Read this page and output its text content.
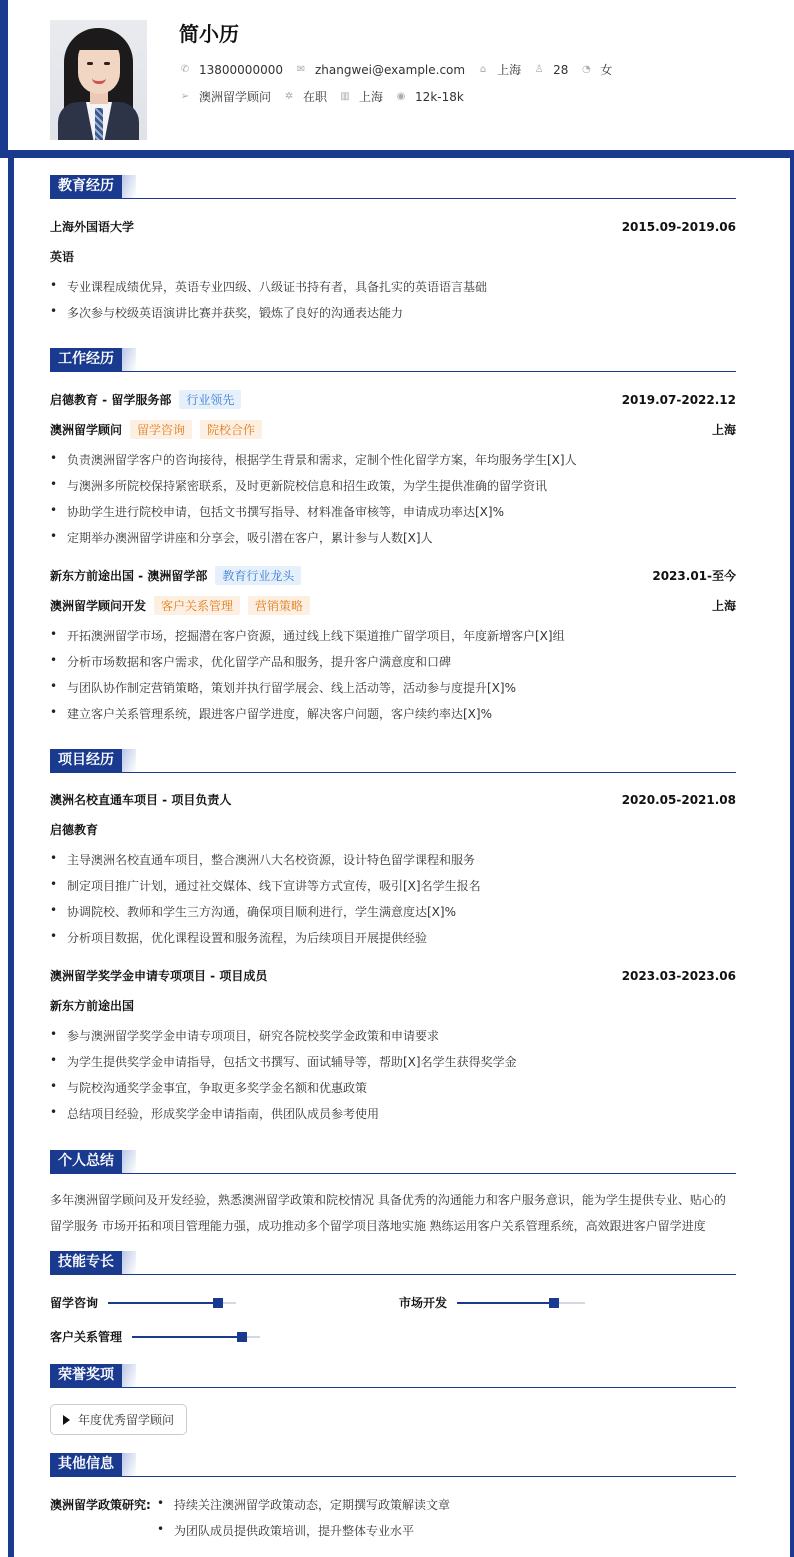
简小历
✆ 13800000000 ✉ zhangwei@example.com ⌂ 上海 ♙ 28 ◔ 女
➢ 澳洲留学顾问 ✲ 在职 ▥ 上海 ◉ 12k-18k
教育经历
上海外国语大学	2015.09-2019.06
英语
• 专业课程成绩优异，英语专业四级、八级证书持有者，具备扎实的英语语言基础
• 多次参与校级英语演讲比赛并获奖，锻炼了良好的沟通表达能力
工作经历
启德教育 - 留学服务部	行业领先	2019.07-2022.12
澳洲留学顾问	留学咨询	院校合作	上海
• 负责澳洲留学客户的咨询接待，根据学生背景和需求，定制个性化留学方案，年均服务学生[X]人
• 与澳洲多所院校保持紧密联系，及时更新院校信息和招生政策，为学生提供准确的留学资讯
• 协助学生进行院校申请，包括文书撰写指导、材料准备审核等，申请成功率达[X]%
• 定期举办澳洲留学讲座和分享会，吸引潜在客户，累计参与人数[X]人
新东方前途出国 - 澳洲留学部	教育行业龙头	2023.01-至今
澳洲留学顾问开发	客户关系管理	营销策略	上海
• 开拓澳洲留学市场，挖掘潜在客户资源，通过线上线下渠道推广留学项目，年度新增客户[X]组
• 分析市场数据和客户需求，优化留学产品和服务，提升客户满意度和口碑
• 与团队协作制定营销策略，策划并执行留学展会、线上活动等，活动参与度提升[X]%
• 建立客户关系管理系统，跟进客户留学进度，解决客户问题，客户续约率达[X]%
项目经历
澳洲名校直通车项目 - 项目负责人	2020.05-2021.08
启德教育
• 主导澳洲名校直通车项目，整合澳洲八大名校资源，设计特色留学课程和服务
• 制定项目推广计划，通过社交媒体、线下宣讲等方式宣传，吸引[X]名学生报名
• 协调院校、教师和学生三方沟通，确保项目顺利进行，学生满意度达[X]%
• 分析项目数据，优化课程设置和服务流程，为后续项目开展提供经验
澳洲留学奖学金申请专项项目 - 项目成员	2023.03-2023.06
新东方前途出国
• 参与澳洲留学奖学金申请专项项目，研究各院校奖学金政策和申请要求
• 为学生提供奖学金申请指导，包括文书撰写、面试辅导等，帮助[X]名学生获得奖学金
• 与院校沟通奖学金事宜，争取更多奖学金名额和优惠政策
• 总结项目经验，形成奖学金申请指南，供团队成员参考使用
个人总结
多年澳洲留学顾问及开发经验，熟悉澳洲留学政策和院校情况 具备优秀的沟通能力和客户服务意识，能为学生提供专业、贴心的留学服务 市场开拓和项目管理能力强，成功推动多个留学项目落地实施 熟练运用客户关系管理系统，高效跟进客户留学进度
技能专长
留学咨询	市场开发
客户关系管理
荣誉奖项
年度优秀留学顾问
其他信息
澳洲留学政策研究:
•	持续关注澳洲留学政策动态，定期撰写政策解读文章
• 为团队成员提供政策培训，提升整体专业水平
